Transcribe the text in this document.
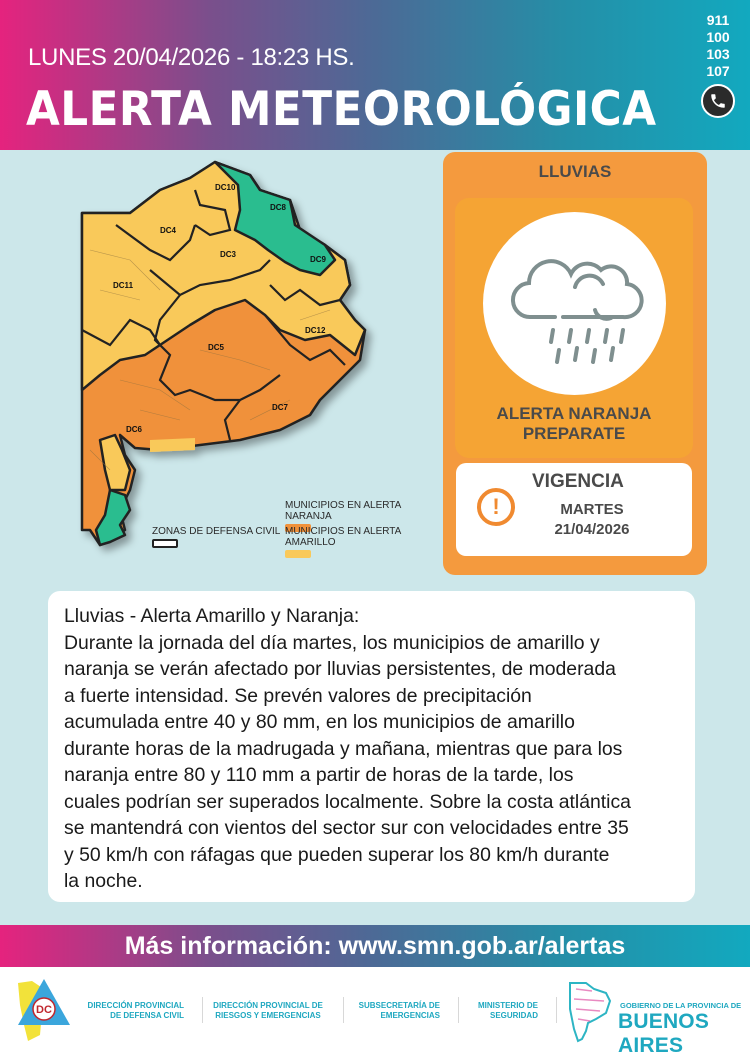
LUNES 20/04/2026 - 18:23 HS.
ALERTA METEOROLÓGICA
911
100
103
107
DC10
DC8
DC4
DC3
DC9
DC11
DC12
DC5
DC7
DC6
MUNICIPIOS EN ALERTA NARANJA
MUNICIPIOS EN ALERTA AMARILLO
ZONAS DE DEFENSA CIVIL
LLUVIAS
ALERTA NARANJA
PREPARATE
!
VIGENCIA
MARTES
21/04/2026

Lluvias - Alerta Amarillo y Naranja:

Durante la jornada del día martes, los municipios de amarillo y

naranja se verán afectado por lluvias persistentes, de moderada

a fuerte intensidad. Se prevén valores de precipitación

acumulada entre 40 y 80 mm, en los municipios de amarillo

durante horas de la madrugada y mañana, mientras que para los

naranja entre 80 y 110 mm a partir de horas de la tarde, los

cuales podrían ser superados localmente. Sobre la costa atlántica

se mantendrá con vientos del sector sur con velocidades entre 35

y 50 km/h con ráfagas que pueden superar los 80 km/h durante

la noche.

Más información: www.smn.gob.ar/alertas
DC	DIRECCIÓN PROVINCIAL
DE DEFENSA CIVIL
DIRECCIÓN PROVINCIAL DE
RIESGOS Y EMERGENCIAS
SUBSECRETARÍA DE
EMERGENCIAS
MINISTERIO DE
SEGURIDAD
GOBIERNO DE LA PROVINCIA DE
BUENOS AIRES
